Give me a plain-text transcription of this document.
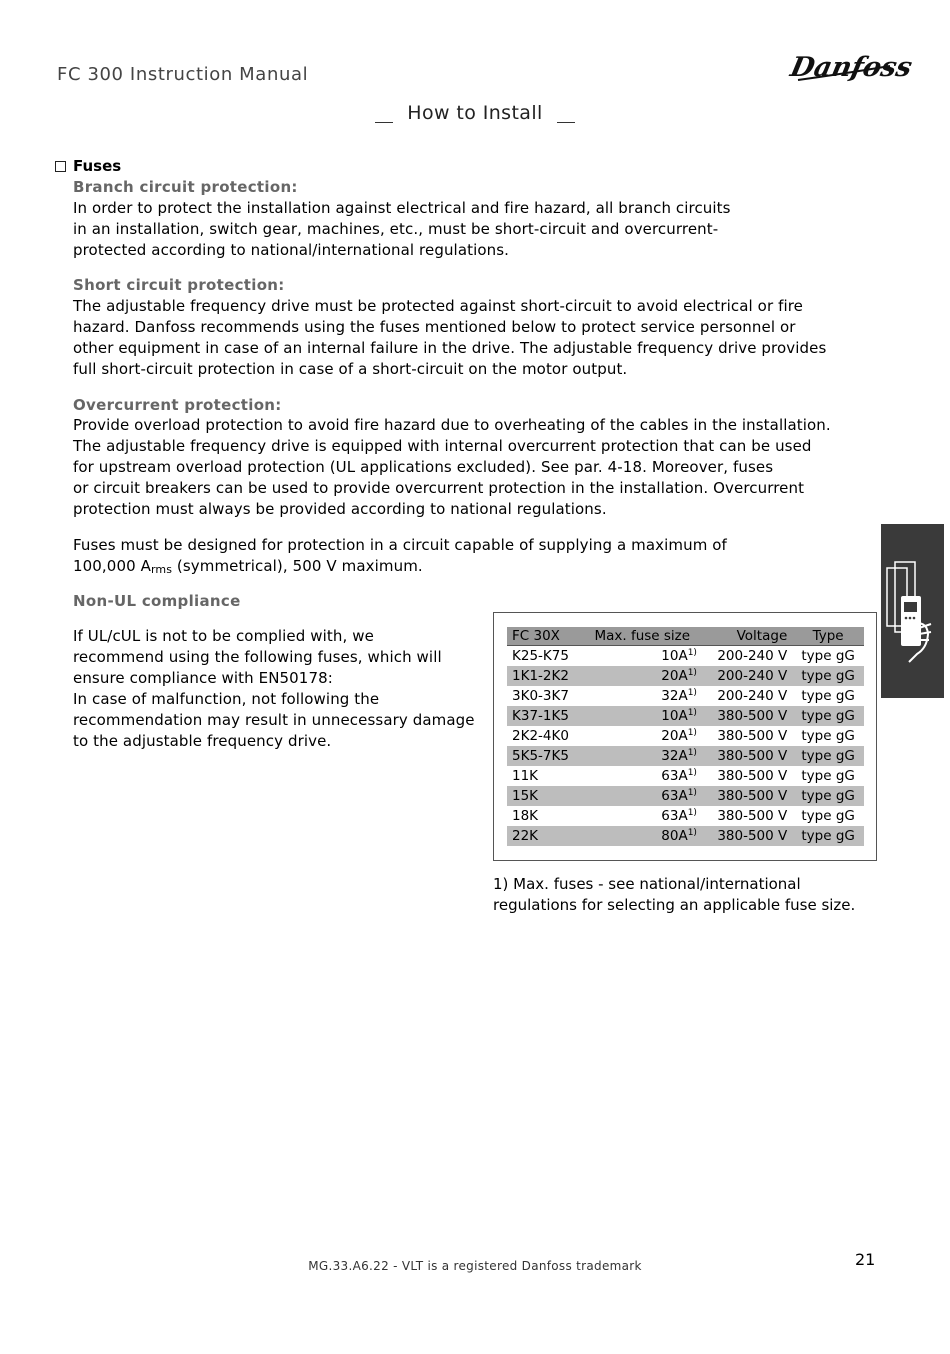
FC 300 Instruction Manual	Danfoss
How to Install
Fuses
Branch circuit protection:

In order to protect the installation against electrical and fire hazard, all branch circuits

in an installation, switch gear, machines, etc., must be short-circuit and overcurrent-

protected according to national/international regulations.

Short circuit protection:

The adjustable frequency drive must be protected against short-circuit to avoid electrical or fire

hazard. Danfoss recommends using the fuses mentioned below to protect service personnel or

other equipment in case of an internal failure in the drive. The adjustable frequency drive provides

full short-circuit protection in case of a short-circuit on the motor output.

Overcurrent protection:

Provide overload protection to avoid fire hazard due to overheating of the cables in the installation.

The adjustable frequency drive is equipped with internal overcurrent protection that can be used

for upstream overload protection (UL applications excluded). See par. 4-18. Moreover, fuses

or circuit breakers can be used to provide overcurrent protection in the installation. Overcurrent

protection must always be provided according to national regulations.

Fuses must be designed for protection in a circuit capable of supplying a maximum of

100,000 Arms (symmetrical), 500 V maximum.

Non-UL compliance

If UL/cUL is not to be complied with, we

recommend using the following fuses, which will

ensure compliance with EN50178:

In case of malfunction, not following the

recommendation may result in unnecessary damage

to the adjustable frequency drive.

FC 30X	Max. fuse size	Voltage	Type
K25-K75	$10A^{1)}$	200-240 V	type gG
1K1-2K2	$20A^{1)}$	200-240 V	type gG
3K0-3K7	$32A^{1)}$	200-240 V	type gG
K37-1K5	$10A^{1)}$	380-500 V	type gG
2K2-4K0	$20A^{1)}$	380-500 V	type gG
5K5-7K5	$32A^{1)}$	380-500 V	type gG
11K	$63A^{1)}$	380-500 V	type gG
15K	$63A^{1)}$	380-500 V	type gG
18K	$63A^{1)}$	380-500 V	type gG
22K	$80A^{1)}$	380-500 V	type gG
1) Max. fuses - see national/international
regulations for selecting an applicable fuse size.
MG.33.A6.22 - VLT is a registered Danfoss trademark	21
